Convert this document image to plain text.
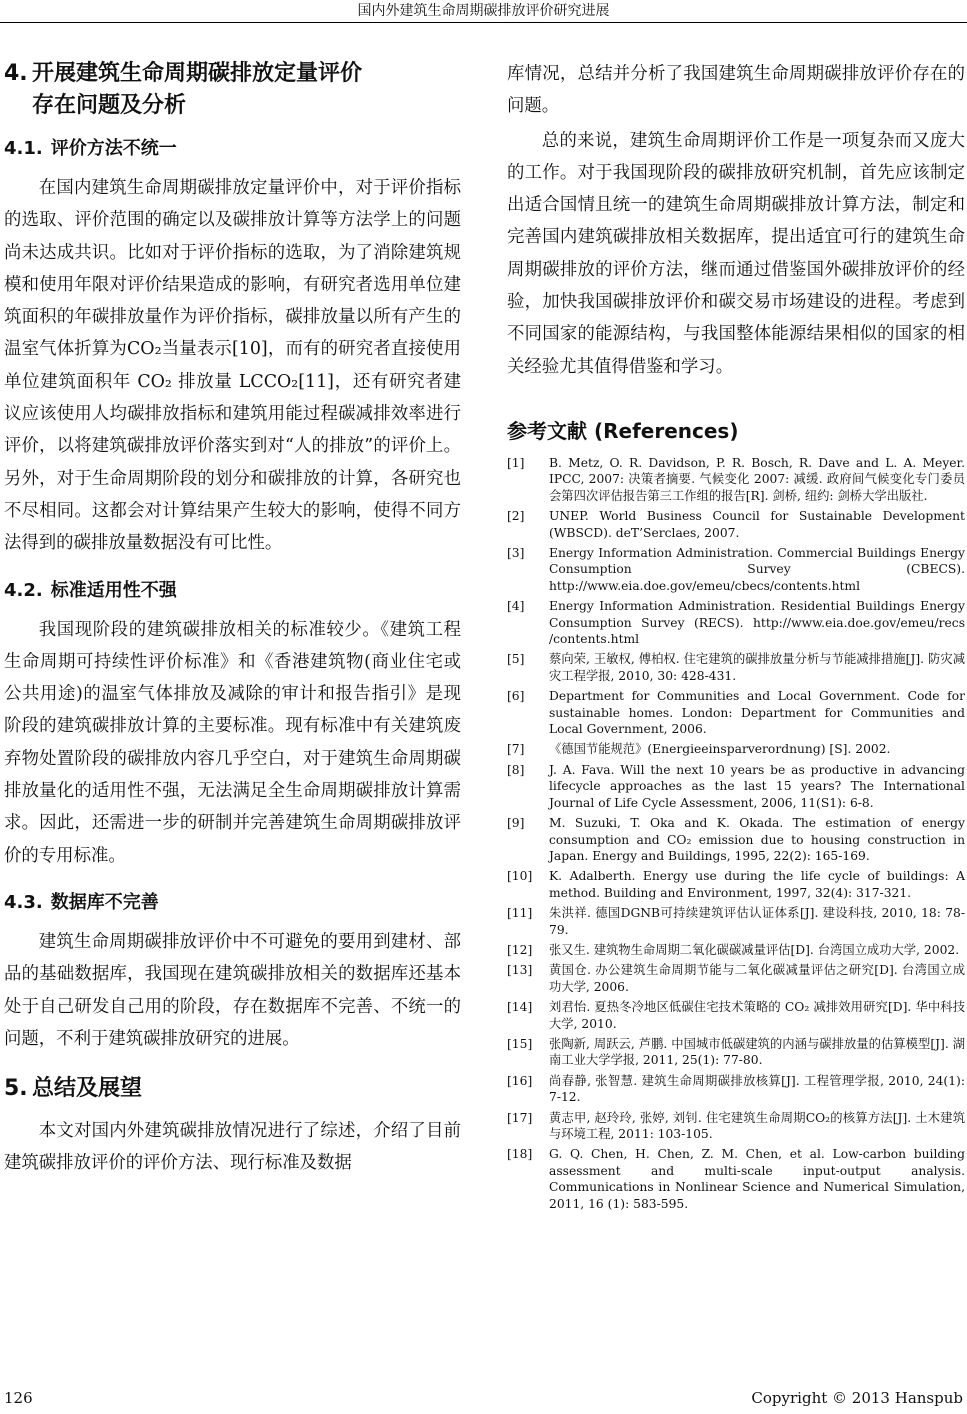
国内外建筑生命周期碳排放评价研究进展
4. 开展建筑生命周期碳排放定量评价
存在问题及分析
4.1. 评价方法不统一

在国内建筑生命周期碳排放定量评价中，对于评价指标的选取、评价范围的确定以及碳排放计算等方法学上的问题尚未达成共识。比如对于评价指标的选取，为了消除建筑规模和使用年限对评价结果造成的影响，有研究者选用单位建筑面积的年碳排放量作为评价指标，碳排放量以所有产生的温室气体折算为CO₂当量表示[10]，而有的研究者直接使用单位建筑面积年 CO₂ 排放量 LCCO₂[11]，还有研究者建议应该使用人均碳排放指标和建筑用能过程碳减排效率进行评价，以将建筑碳排放评价落实到对“人的排放”的评价上。另外，对于生命周期阶段的划分和碳排放的计算，各研究也不尽相同。这都会对计算结果产生较大的影响，使得不同方法得到的碳排放量数据没有可比性。

4.2. 标准适用性不强

我国现阶段的建筑碳排放相关的标准较少。《建筑工程生命周期可持续性评价标准》和《香港建筑物(商业住宅或公共用途)的温室气体排放及减除的审计和报告指引》是现阶段的建筑碳排放计算的主要标准。现有标准中有关建筑废弃物处置阶段的碳排放内容几乎空白，对于建筑生命周期碳排放量化的适用性不强，无法满足全生命周期碳排放计算需求。因此，还需进一步的研制并完善建筑生命周期碳排放评价的专用标准。

4.3. 数据库不完善

建筑生命周期碳排放评价中不可避免的要用到建材、部品的基础数据库，我国现在建筑碳排放相关的数据库还基本处于自己研发自己用的阶段，存在数据库不完善、不统一的问题，不利于建筑碳排放研究的进展。

5. 总结及展望

本文对国内外建筑碳排放情况进行了综述，介绍了目前建筑碳排放评价的评价方法、现行标准及数据

库情况，总结并分析了我国建筑生命周期碳排放评价存在的问题。

总的来说，建筑生命周期评价工作是一项复杂而又庞大的工作。对于我国现阶段的碳排放研究机制，首先应该制定出适合国情且统一的建筑生命周期碳排放计算方法，制定和完善国内建筑碳排放相关数据库，提出适宜可行的建筑生命周期碳排放的评价方法，继而通过借鉴国外碳排放评价的经验，加快我国碳排放评价和碳交易市场建设的进程。考虑到不同国家的能源结构，与我国整体能源结果相似的国家的相关经验尤其值得借鉴和学习。

参考文献 (References)
[1]	B. Metz, O. R. Davidson, P. R. Bosch, R. Dave and L. A. Meyer. IPCC, 2007: 决策者摘要. 气候变化 2007: 减缓. 政府间气候变化专门委员会第四次评估报告第三工作组的报告[R]. 剑桥, 纽约: 剑桥大学出版社.
[2]	UNEP. World Business Council for Sustainable Development (WBSCD). deT’Serclaes, 2007.
[3]	Energy Information Administration. Commercial Buildings Energy Consumption Survey (CBECS). http://www.eia.doe.gov/emeu/cbecs/contents.html
[4]	Energy Information Administration. Residential Buildings Energy Consumption Survey (RECS). http://www.eia.doe.gov/emeu/recs /contents.html
[5]	蔡向荣, 王敏权, 傅柏权. 住宅建筑的碳排放量分析与节能减排措施[J]. 防灾减灾工程学报, 2010, 30: 428-431.
[6]	Department for Communities and Local Government. Code for sustainable homes. London: Department for Communities and Local Government, 2006.
[7]	《德国节能规范》(Energieeinsparverordnung) [S]. 2002.
[8]	J. A. Fava. Will the next 10 years be as productive in advancing lifecycle approaches as the last 15 years? The International Journal of Life Cycle Assessment, 2006, 11(S1): 6-8.
[9]	M. Suzuki, T. Oka and K. Okada. The estimation of energy consumption and CO₂ emission due to housing construction in Japan. Energy and Buildings, 1995, 22(2): 165-169.
[10]	K. Adalberth. Energy use during the life cycle of buildings: A method. Building and Environment, 1997, 32(4): 317-321.
[11]	朱洪祥. 德国DGNB可持续建筑评估认证体系[J]. 建设科技, 2010, 18: 78-79.
[12]	张又生. 建筑物生命周期二氧化碳碳减量评估[D]. 台湾国立成功大学, 2002.
[13]	黄国仓. 办公建筑生命周期节能与二氧化碳减量评估之研究[D]. 台湾国立成功大学, 2006.
[14]	刘君怡. 夏热冬冷地区低碳住宅技术策略的 CO₂ 减排效用研究[D]. 华中科技大学, 2010.
[15]	张陶新, 周跃云, 芦鹏. 中国城市低碳建筑的内涵与碳排放量的估算模型[J]. 湖南工业大学学报, 2011, 25(1): 77-80.
[16]	尚春静, 张智慧. 建筑生命周期碳排放核算[J]. 工程管理学报, 2010, 24(1): 7-12.
[17]	黄志甲, 赵玲玲, 张婷, 刘钊. 住宅建筑生命周期CO₂的核算方法[J]. 土木建筑与环境工程, 2011: 103-105.
[18]	G. Q. Chen, H. Chen, Z. M. Chen, et al. Low-carbon building assessment and multi-scale input-output analysis. Communications in Nonlinear Science and Numerical Simulation, 2011, 16 (1): 583-595.
126	Copyright © 2013 Hanspub
